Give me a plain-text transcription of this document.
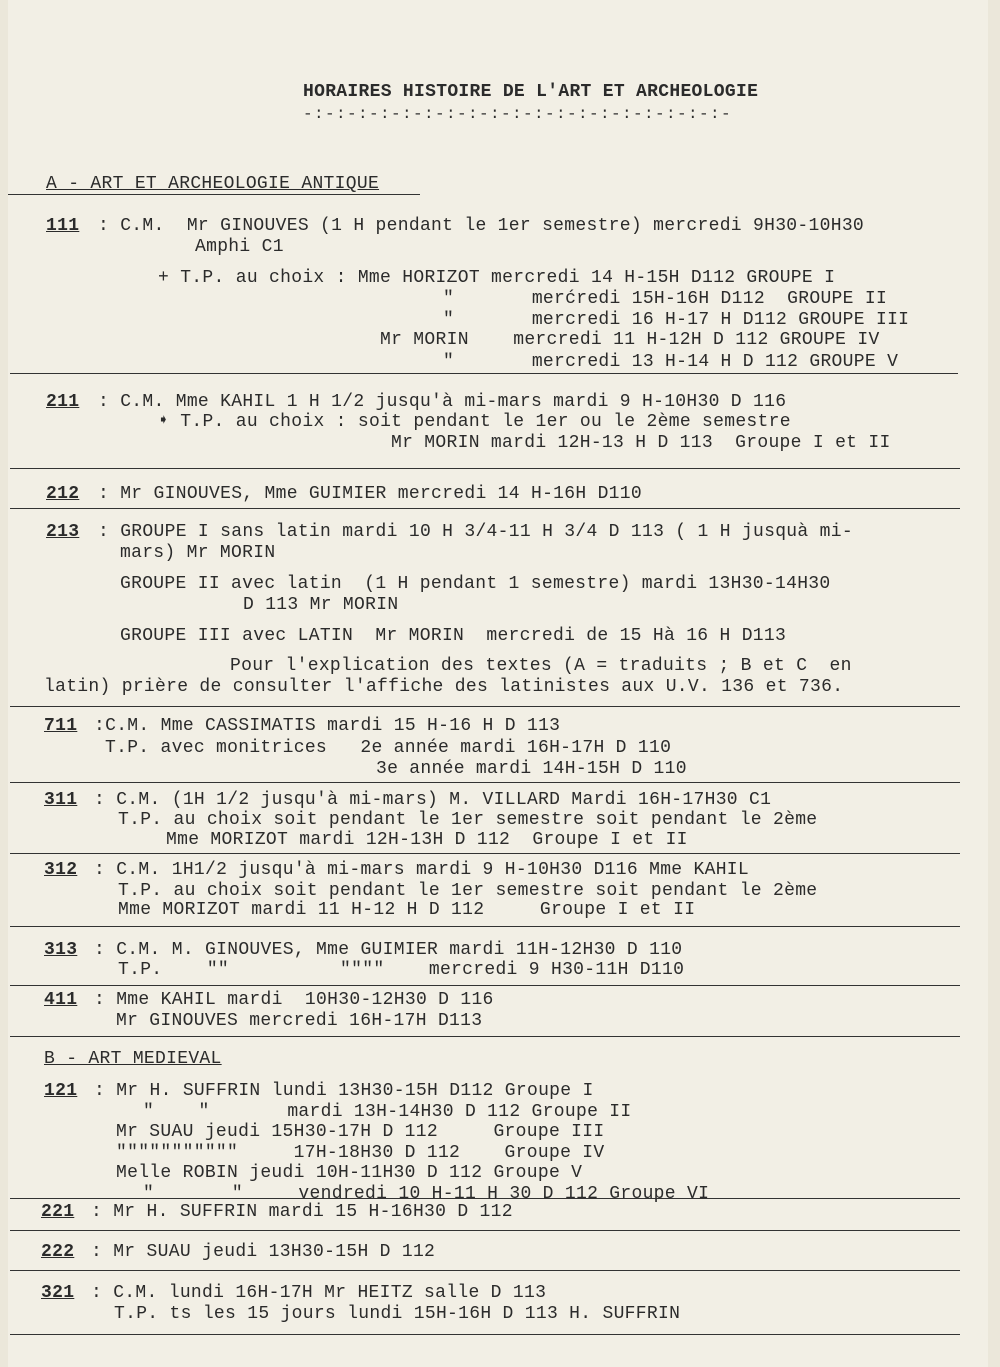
HORAIRES HISTOIRE DE L'ART ET ARCHEOLOGIE
-:-:-:-:-:-:-:-:-:-:-:-:-:-:-:-:-:-:-:-
A - ART ET ARCHEOLOGIE ANTIQUE
111 : C.M.  Mr GINOUVES (1 H pendant le 1er semestre) mercredi 9H30-10H30
Amphi C1
+ T.P. au choix : Mme HORIZOT mercredi 14 H-15H D112 GROUPE I
"       merćredi 15H-16H D112  GROUPE II
"       mercredi 16 H-17 H D112 GROUPE III
Mr MORIN    mercredi 11 H-12H D 112 GROUPE IV
"       mercredi 13 H-14 H D 112 GROUPE V
211 : C.M. Mme KAHIL 1 H 1/2 jusqu'à mi-mars mardi 9 H-10H30 D 116
➧ T.P. au choix : soit pendant le 1er ou le 2ème semestre
Mr MORIN mardi 12H-13 H D 113  Groupe I et II
212 : Mr GINOUVES, Mme GUIMIER mercredi 14 H-16H D110
213 : GROUPE I sans latin mardi 10 H 3/4-11 H 3/4 D 113 ( 1 H jusquà mi-
mars) Mr MORIN
GROUPE II avec latin  (1 H pendant 1 semestre) mardi 13H30-14H30
D 113 Mr MORIN
GROUPE III avec LATIN  Mr MORIN  mercredi de 15 Hà 16 H D113
Pour l'explication des textes (A = traduits ; B et C  en
latin) prière de consulter l'affiche des latinistes aux U.V. 136 et 736.
711 :C.M. Mme CASSIMATIS mardi 15 H-16 H D 113
T.P. avec monitrices   2e année mardi 16H-17H D 110
3e année mardi 14H-15H D 110
311 : C.M. (1H 1/2 jusqu'à mi-mars) M. VILLARD Mardi 16H-17H30 C1
T.P. au choix soit pendant le 1er semestre soit pendant le 2ème
Mme MORIZOT mardi 12H-13H D 112  Groupe I et II
312 : C.M. 1H1/2 jusqu'à mi-mars mardi 9 H-10H30 D116 Mme KAHIL
T.P. au choix soit pendant le 1er semestre soit pendant le 2ème
Mme MORIZOT mardi 11 H-12 H D 112     Groupe I et II
313 : C.M. M. GINOUVES, Mme GUIMIER mardi 11H-12H30 D 110
T.P.    ""          """"    mercredi 9 H30-11H D110
411 : Mme KAHIL mardi  10H30-12H30 D 116
Mr GINOUVES mercredi 16H-17H D113
B - ART MEDIEVAL
121 : Mr H. SUFFRIN lundi 13H30-15H D112 Groupe I
"    "       mardi 13H-14H30 D 112 Groupe II
Mr SUAU jeudi 15H30-17H D 112     Groupe III
"""""""""""     17H-18H30 D 112    Groupe IV
Melle ROBIN jeudi 10H-11H30 D 112 Groupe V
"       "     vendredi 10 H-11 H 30 D 112 Groupe VI
221 : Mr H. SUFFRIN mardi 15 H-16H30 D 112
222 : Mr SUAU jeudi 13H30-15H D 112
321 : C.M. lundi 16H-17H Mr HEITZ salle D 113
T.P. ts les 15 jours lundi 15H-16H D 113 H. SUFFRIN
